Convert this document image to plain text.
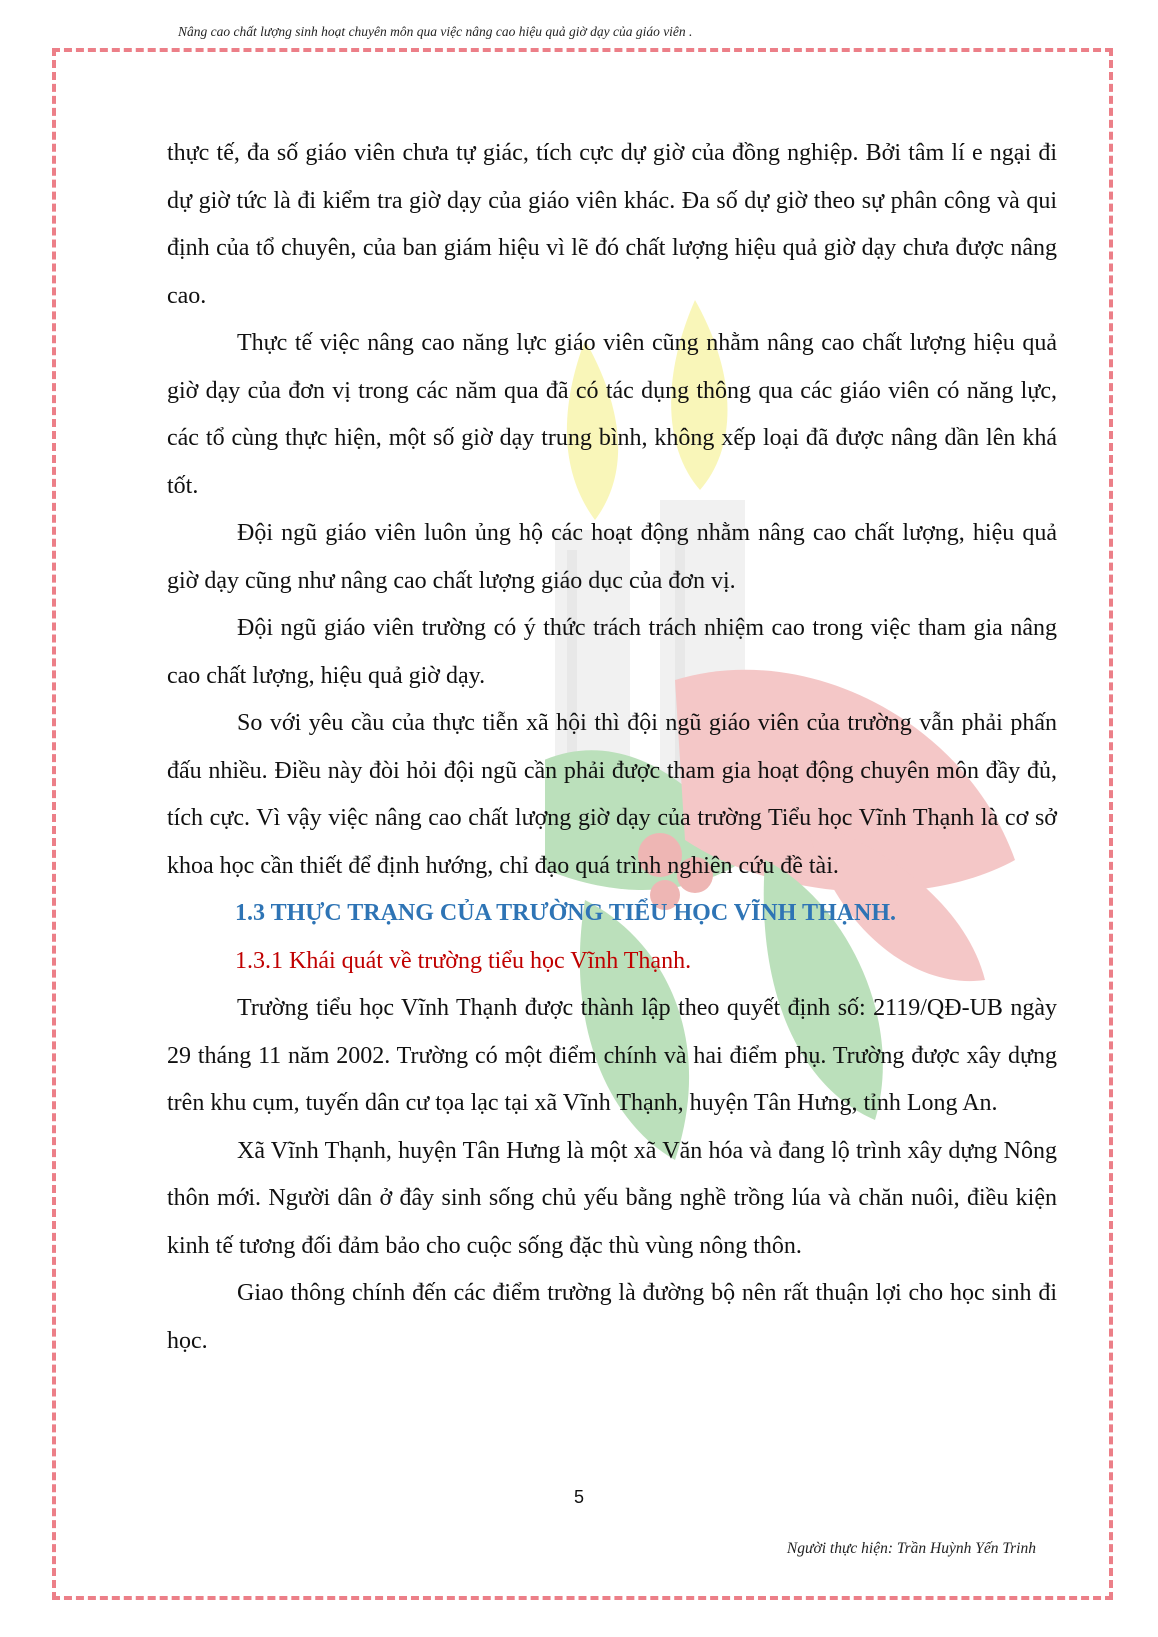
Nâng cao chất lượng sinh hoạt chuyên môn qua việc nâng cao hiệu quả giờ dạy của giáo viên .

thực tế, đa số giáo viên chưa tự giác, tích cực dự giờ của đồng nghiệp. Bởi tâm lí e ngại đi dự giờ tức là đi kiểm tra giờ dạy của giáo viên khác. Đa số dự giờ theo sự phân công và qui định của tổ chuyên, của ban giám hiệu vì lẽ đó chất lượng hiệu quả giờ dạy chưa được nâng cao.

Thực tế việc nâng cao năng lực giáo viên cũng nhằm nâng cao chất lượng hiệu quả giờ dạy của đơn vị trong các năm qua đã có tác dụng thông qua các giáo viên có năng lực, các tổ cùng thực hiện, một số giờ dạy trung bình, không xếp loại đã được nâng dần lên khá tốt.

Đội ngũ giáo viên luôn ủng hộ các hoạt động nhằm nâng cao chất lượng, hiệu quả giờ dạy cũng như nâng cao chất lượng giáo dục của đơn vị.

Đội ngũ giáo viên trường có ý thức trách trách nhiệm cao trong việc tham gia nâng cao chất lượng, hiệu quả giờ dạy.

So với yêu cầu của thực tiễn xã hội thì đội ngũ giáo viên của trường vẫn phải phấn đấu nhiều. Điều này đòi hỏi đội ngũ cần phải được tham gia hoạt động chuyên môn đầy đủ, tích cực. Vì vậy việc nâng cao chất lượng giờ dạy của trường Tiểu học Vĩnh Thạnh là cơ sở khoa học cần thiết để định hướng, chỉ đạo quá trình nghiên cứu đề tài.

1.3 THỰC TRẠNG CỦA TRƯỜNG TIỂU HỌC VĨNH THẠNH.
1.3.1 Khái quát về trường tiểu học Vĩnh Thạnh.

Trường tiểu học Vĩnh Thạnh được thành lập theo quyết định số: 2119/QĐ-UB ngày 29 tháng 11 năm 2002. Trường có một điểm chính và hai điểm phụ. Trường được xây dựng trên khu cụm, tuyến dân cư tọa lạc tại xã Vĩnh Thạnh, huyện Tân Hưng, tỉnh Long An.

Xã Vĩnh Thạnh, huyện Tân Hưng là một xã Văn hóa và đang lộ trình xây dựng Nông thôn mới. Người dân ở đây sinh sống chủ yếu bằng nghề trồng lúa và chăn nuôi, điều kiện kinh tế tương đối đảm bảo cho cuộc sống đặc thù vùng nông thôn.

Giao thông chính đến các điểm trường là đường bộ nên rất thuận lợi cho học sinh đi học.

5
Người thực hiện: Trần Huỳnh Yến Trinh
